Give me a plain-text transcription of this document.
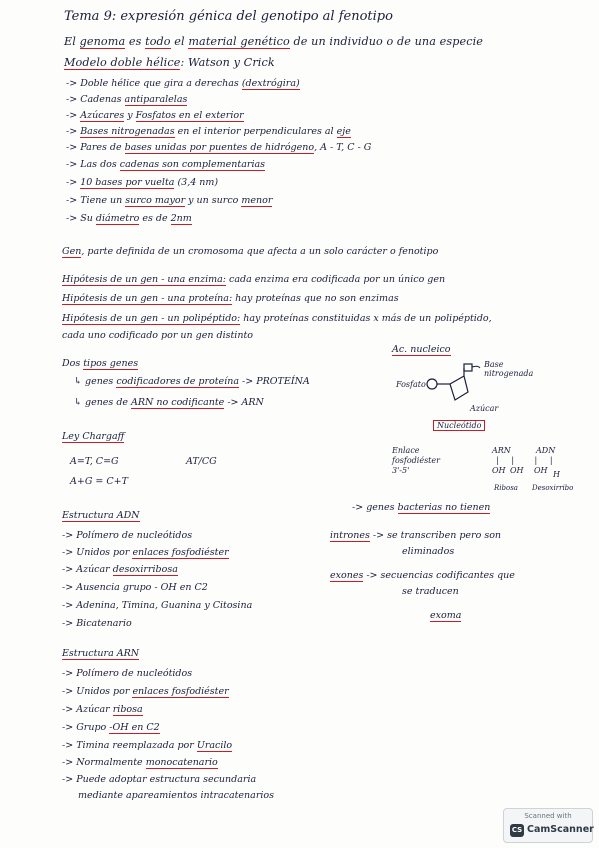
Tema 9: expresión génica del genotipo al fenotipo
El genoma es todo el material genético de un individuo o de una especie
Modelo doble hélice: Watson y Crick
-> Doble hélice que gira a derechas (dextrógira)
-> Cadenas antiparalelas
-> Azúcares y Fosfatos en el exterior
-> Bases nitrogenadas en el interior perpendiculares al eje
-> Pares de bases unidas por puentes de hidrógeno, A - T, C - G
-> Las dos cadenas son complementarias
-> 10 bases por vuelta (3,4 nm)
-> Tiene un surco mayor y un surco menor
-> Su diámetro es de 2nm
Gen, parte definida de un cromosoma que afecta a un solo carácter o fenotipo
Hipótesis de un gen - una enzima: cada enzima era codificada por un único gen
Hipótesis de un gen - una proteína: hay proteínas que no son enzimas
Hipótesis de un gen - un polipéptido: hay proteínas constituidas x más de un polipéptido,
cada uno codificado por un gen distinto
Dos tipos genes
↳ genes codificadores de proteína -> PROTEÍNA
↳ genes de ARN no codificante -> ARN
Ac. nucleico
Fosfato
Base nitrogenada
Azúcar
Nucleótido
Ley Chargaff
A=T, C=G	AT/CG
A+G = C+T
Enlace
fosfodiéster
3'-5'
ARN	ADN
|     |        |     |
OH OH OH H
Ribosa Desoxirribo
-> genes bacterias no tienen
intrones -> se transcriben pero son
eliminados
exones -> secuencias codificantes que
se traducen
exoma
Estructura ADN
-> Polímero de nucleótidos
-> Unidos por enlaces fosfodiéster
-> Azúcar desoxirribosa
-> Ausencia grupo - OH en C2
-> Adenina, Timina, Guanina y Citosina
-> Bicatenario
Estructura ARN
-> Polímero de nucleótidos
-> Unidos por enlaces fosfodiéster
-> Azúcar ribosa
-> Grupo -OH en C2
-> Timina reemplazada por Uracilo
-> Normalmente monocatenario
-> Puede adoptar estructura secundaria
mediante apareamientos intracatenarios
Scanned with
CS CamScanner
